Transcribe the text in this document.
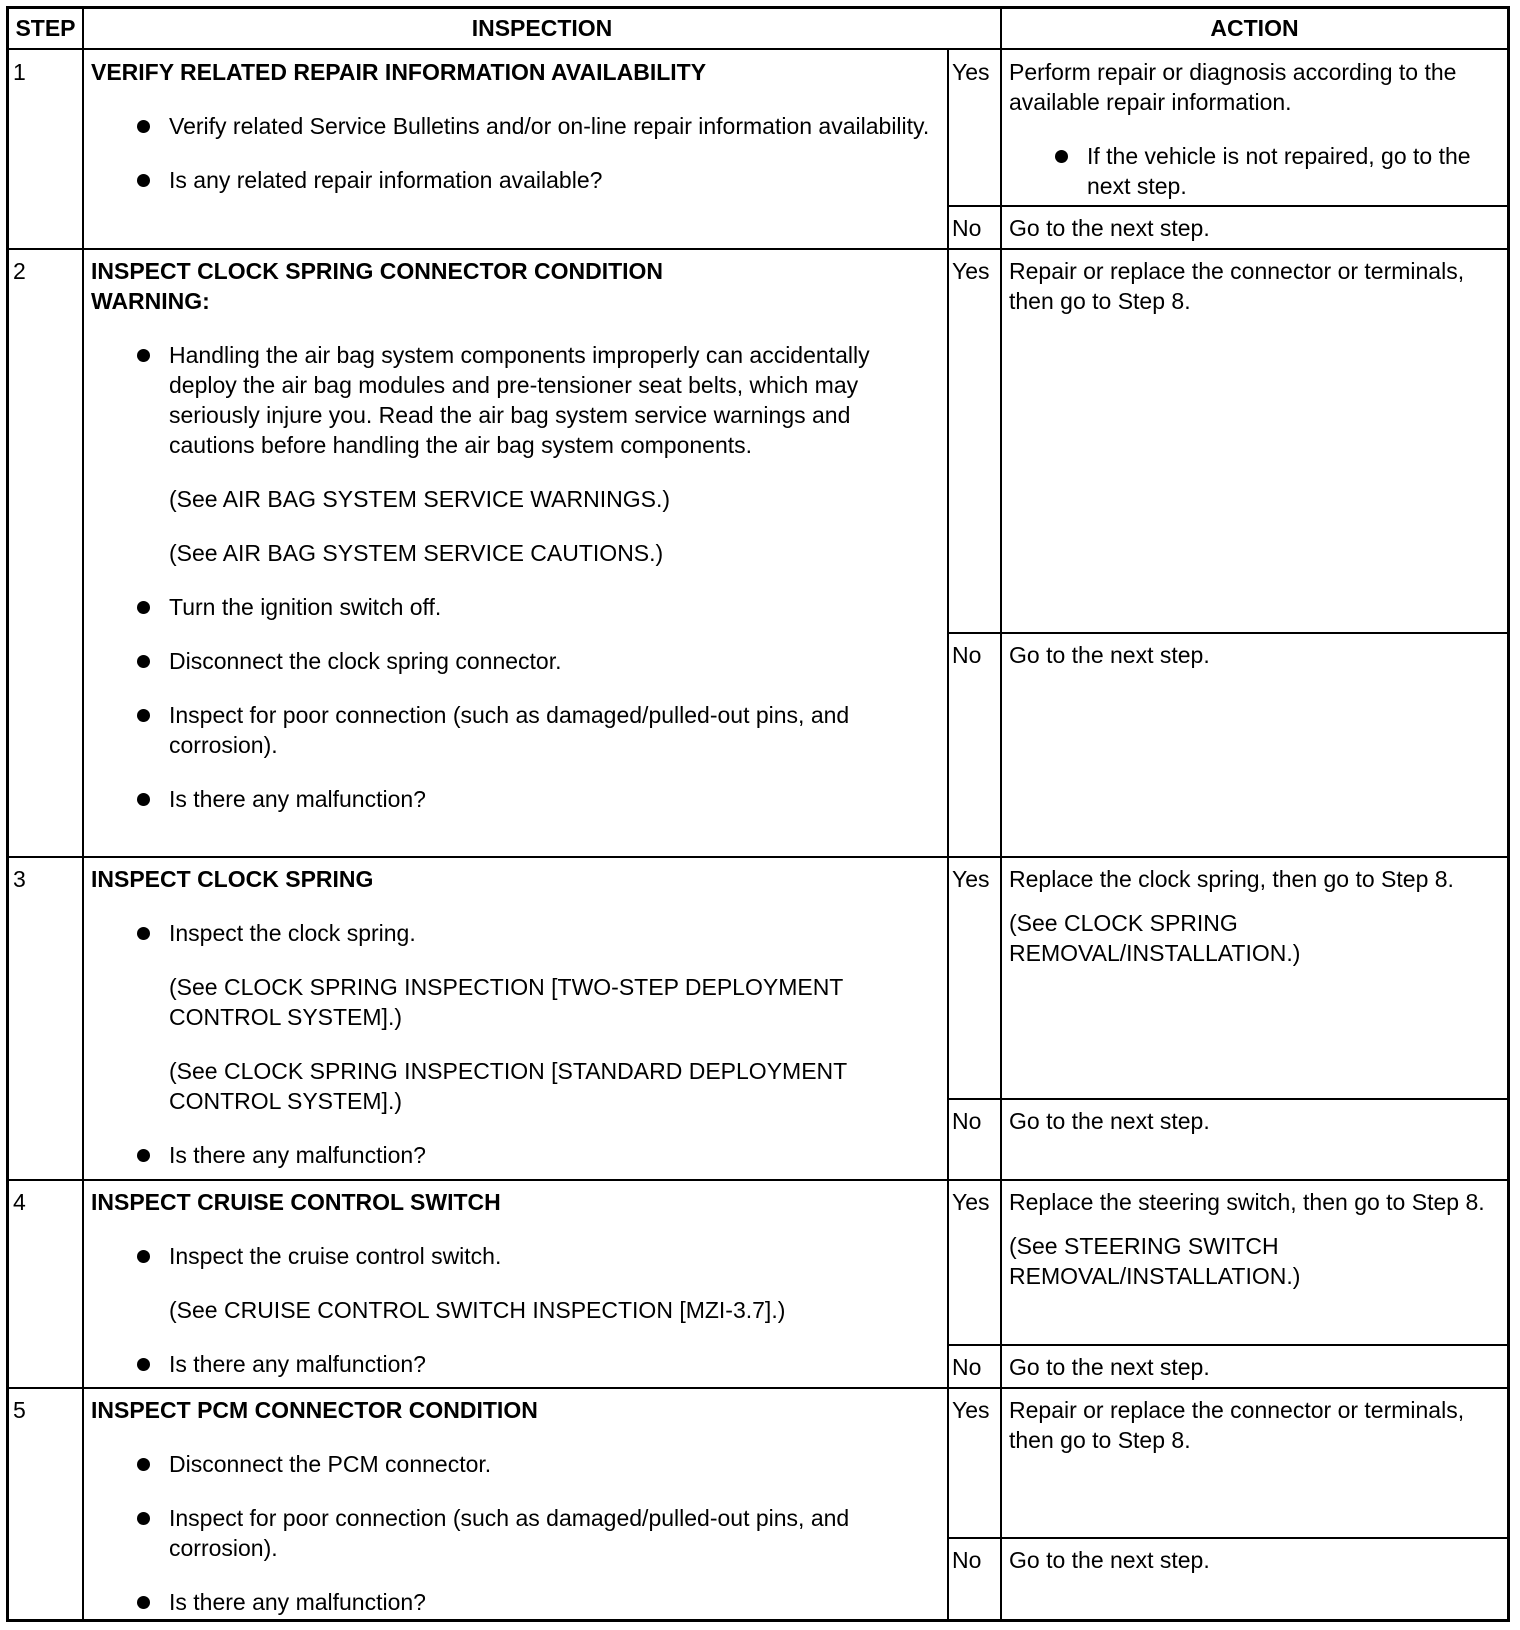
STEP	INSPECTION	ACTION
1	VERIFY RELATED REPAIR INFORMATION AVAILABILITY
Verify related Service Bulletins and/or on-line repair information availability.
Is any related repair information available?
Yes Perform repair or diagnosis according to the available repair information.
If the vehicle is not repaired, go to the next step.
No Go to the next step.
2	INSPECT CLOCK SPRING CONNECTOR CONDITION
WARNING:
Handling the air bag system components improperly can accidentally deploy the air bag modules and pre-tensioner seat belts, which may seriously injure you. Read the air bag system service warnings and cautions before handling the air bag system components.
(See AIR BAG SYSTEM SERVICE WARNINGS.)
(See AIR BAG SYSTEM SERVICE CAUTIONS.)
Turn the ignition switch off.
Disconnect the clock spring connector.
Inspect for poor connection (such as damaged/pulled-out pins, and corrosion).
Is there any malfunction?
Yes Repair or replace the connector or terminals, then go to Step 8.
No Go to the next step.
3	INSPECT CLOCK SPRING
Inspect the clock spring.
(See CLOCK SPRING INSPECTION [TWO-STEP DEPLOYMENT CONTROL SYSTEM].)
(See CLOCK SPRING INSPECTION [STANDARD DEPLOYMENT CONTROL SYSTEM].)
Is there any malfunction?
Yes Replace the clock spring, then go to Step 8.
(See CLOCK SPRING REMOVAL/INSTALLATION.)
No Go to the next step.
4	INSPECT CRUISE CONTROL SWITCH
Inspect the cruise control switch.
(See CRUISE CONTROL SWITCH INSPECTION [MZI-3.7].)
Is there any malfunction?
Yes Replace the steering switch, then go to Step 8.
(See STEERING SWITCH REMOVAL/INSTALLATION.)
No Go to the next step.
5	INSPECT PCM CONNECTOR CONDITION
Disconnect the PCM connector.
Inspect for poor connection (such as damaged/pulled-out pins, and corrosion).
Is there any malfunction?
Yes Repair or replace the connector or terminals, then go to Step 8.
No Go to the next step.
